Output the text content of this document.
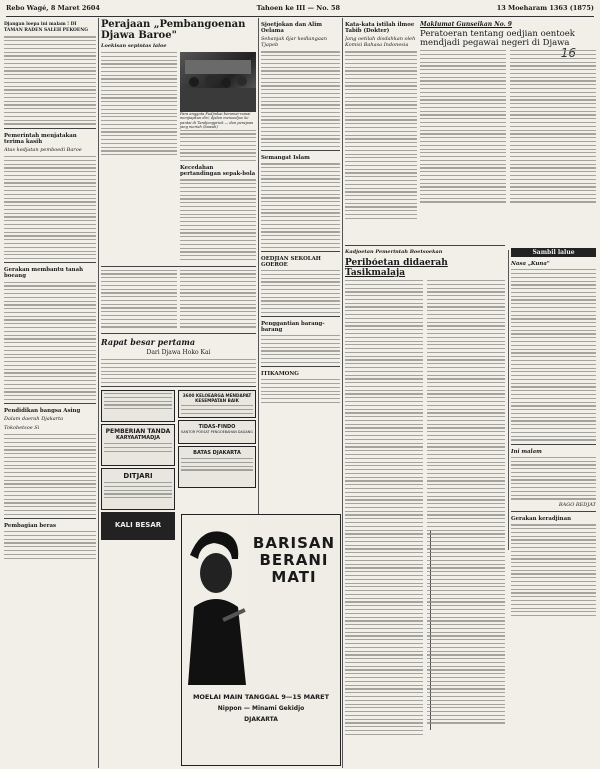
Rebo Wagé, 8 Maret 2604	Tahoen ke III — No. 58	13 Moeharam 1363 (1875)
Djangan loepa ini malam ! DI TAMAN RADEN SALEH PEKOENG
Pemerintah menjatakan terima kasih
Atas kedjatan pemboedi Baroe
Gerakan membantu tanah boeang
Pendidikan bangsa Asing
Dalam daerah Djakarta
Tokobetsoe Si
Pembagian beras
Perajaan „Pembangoenan Djawa Baroe"
Loekisan sepintas laloe
Para anggota Fudjinkai beramai-ramai menjiapkan diri, djalan menoedjoe ke pantai di Tandjongpriok — dan perajaan jang meriah (bawah)
Kecedahan pertandingan sepak-bola
Rapat besar pertama
Dari Djawa Hoko Kai
PEMBERIAN TANDA
KARYAATMADJA
DITJARI
KALI BESAR
3600 KELOEARGA MENDAPAT KESEMPATAN BAIK
TIDAS-FINDO
KANTOR POESAT PENGOEBAHAN DAGANG
BATAS DJAKARTA
Sjoetjokan dan Alim Oelama
Sebanjak 6jar kedlangaan Tjapeb
Semangat Islam
OEDJIAN SEKOLAH GOEROE
Penggantian barang-barang
ITIKAMONG
Kata-kata istilah ilmoe Tabib (Dokter)
Jang oetilah disdahkan oleh Komisi Bahasa Indonesia
Maklumat Gunseikan No. 9
Peratoeran tentang oedjian oentoek mendjadi pegawai negeri di Djawa
Kadjoetan Pemerintah Boetsoekan
Peribo̒etan didaerah Tasikmalaja
Sambil lalue
Nasa „Kuna"
Ini malam
BAGO REDJAT
Gerakan keradjinan
BARISAN BERANI MATI
MOELAI MAIN TANGGAL 9—15 MARET
Nippon — Minami Gekidjo
DJAKARTA
